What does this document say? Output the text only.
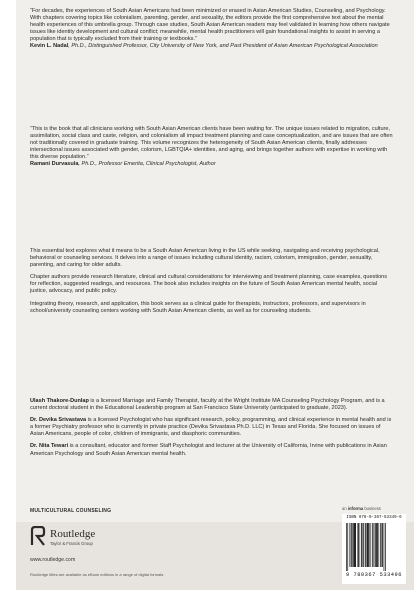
“For decades, the experiences of South Asian Americans had been minimized or erased in Asian American Studies, Counseling, and Psychology. With chapters covering topics like colonialism, parenting, gender, and sexuality, the editors provide the first comprehensive text about the mental health experiences of this umbrella group. Through case studies, South Asian American readers may feel validated in learning how others navigate issues like identity development and cultural conflict; meanwhile, mental health practitioners will gain foundational insights to assist in serving a population that is typically excluded from their training or textbooks.”

Kevin L. Nadal, Ph.D., Distinguished Professor, City University of New York, and Past President of Asian American Psychological Association

“This is the book that all clinicians working with South Asian American clients have been waiting for. The unique issues related to migration, culture, assimilation, social class and caste, religion, and colonialism all impact treatment planning and case conceptualization, and are issues that are often not traditionally covered in graduate training. This volume recognizes the heterogeneity of South Asian American clients, finally addresses intersectional issues associated with gender, colorism, LGBTQIA+ identities, and aging, and brings together authors with expertise in working with this diverse population.”

Ramani Durvasula, Ph.D., Professor Emerita, Clinical Psychologist, Author

This essential text explores what it means to be a South Asian American living in the US while seeking, navigating and receiving psychological, behavioral or counseling services. It delves into a range of issues including cultural identity, racism, colorism, immigration, gender, sexuality, parenting, and caring for older adults.

Chapter authors provide research literature, clinical and cultural considerations for interviewing and treatment planning, case examples, questions for reflection, suggested readings, and resources. The book also includes insights on the future of South Asian American mental health, social justice, advocacy, and public policy.

Integrating theory, research, and application, this book serves as a clinical guide for therapists, instructors, professors, and supervisors in school/university counseling centers working with South Asian American clients, as well as for counseling students.

Ulash Thakore-Dunlap is a licensed Marriage and Family Therapist, faculty at the Wright Institute MA Counseling Psychology Program, and is a current doctoral student in the Educational Leadership program at San Francisco State University (anticipated to graduate, 2023).

Dr. Devika Srivastava is a licensed Psychologist who has significant research, policy, programming, and clinical experience in mental health and is a former Psychiatry professor who is currently in private practice (Devika Srivastava Ph.D. LLC) in Texas and Florida. She focused on issues of Asian Americans, people of color, children of immigrants, and diasphoric communities.

Dr. Nita Tewari is a consultant, educator and former Staff Psychologist and lecturer at the University of California, Irvine with publications in Asian American Psychology and South Asian American mental health.

MULTICULTURAL COUNSELING
Routledge
Taylor & Francis Group
www.routledge.com
Routledge titles are available as eBook editions in a range of digital formats
an informa business
ISBN 978-0-367-53349-6
9 780367 533496
